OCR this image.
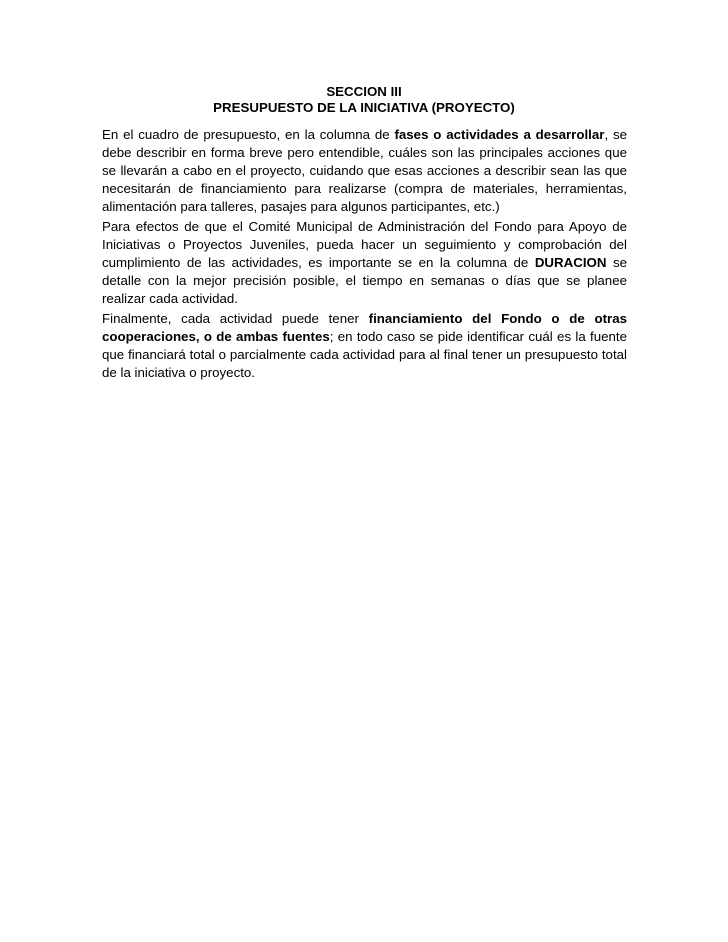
SECCION III
PRESUPUESTO DE LA INICIATIVA (PROYECTO)

En el cuadro de presupuesto, en la columna de fases o actividades a desarrollar, se debe describir en forma breve pero entendible, cuáles son las principales acciones que se llevarán a cabo en el proyecto, cuidando que esas acciones a describir sean las que necesitarán de financiamiento para realizarse (compra de materiales, herramientas, alimentación para talleres, pasajes para algunos participantes, etc.)

Para efectos de que el Comité Municipal de Administración del Fondo para Apoyo de Iniciativas o Proyectos Juveniles, pueda hacer un seguimiento y comprobación del cumplimiento de las actividades, es importante se en la columna de DURACION se detalle con la mejor precisión posible, el tiempo en semanas o días que se planee realizar cada actividad.

Finalmente, cada actividad puede tener financiamiento del Fondo o de otras cooperaciones, o de ambas fuentes; en todo caso se pide identificar cuál es la fuente que financiará total o parcialmente cada actividad para al final tener un presupuesto total de la iniciativa o proyecto.
